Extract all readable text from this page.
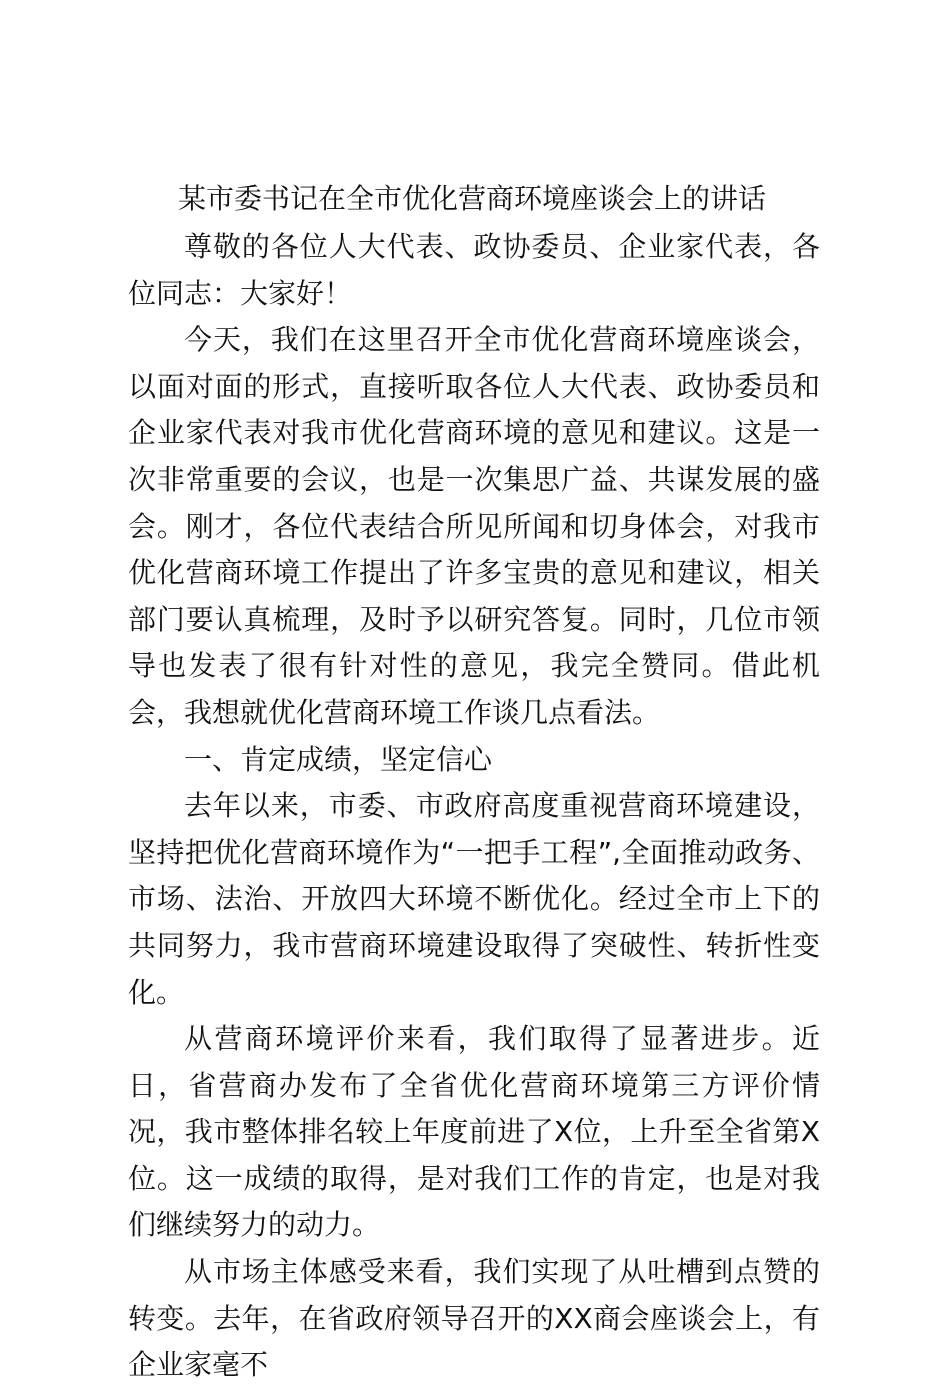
某市委书记在全市优化营商环境座谈会上的讲话

尊敬的各位人大代表、政协委员、企业家代表，各位同志：大家好！

今天，我们在这里召开全市优化营商环境座谈会，以面对面的形式，直接听取各位人大代表、政协委员和企业家代表对我市优化营商环境的意见和建议。这是一次非常重要的会议，也是一次集思广益、共谋发展的盛会。刚才，各位代表结合所见所闻和切身体会，对我市优化营商环境工作提出了许多宝贵的意见和建议，相关部门要认真梳理，及时予以研究答复。同时，几位市领导也发表了很有针对性的意见，我完全赞同。借此机会，我想就优化营商环境工作谈几点看法。

一、肯定成绩，坚定信心

去年以来，市委、市政府高度重视营商环境建设，坚持把优化营商环境作为“一把手工程”,全面推动政务、市场、法治、开放四大环境不断优化。经过全市上下的共同努力，我市营商环境建设取得了突破性、转折性变化。

从营商环境评价来看，我们取得了显著进步。近日，省营商办发布了全省优化营商环境第三方评价情况，我市整体排名较上年度前进了X位，上升至全省第X位。这一成绩的取得，是对我们工作的肯定，也是对我们继续努力的动力。

从市场主体感受来看，我们实现了从吐槽到点赞的转变。去年，在省政府领导召开的XX商会座谈会上，有企业家毫不
